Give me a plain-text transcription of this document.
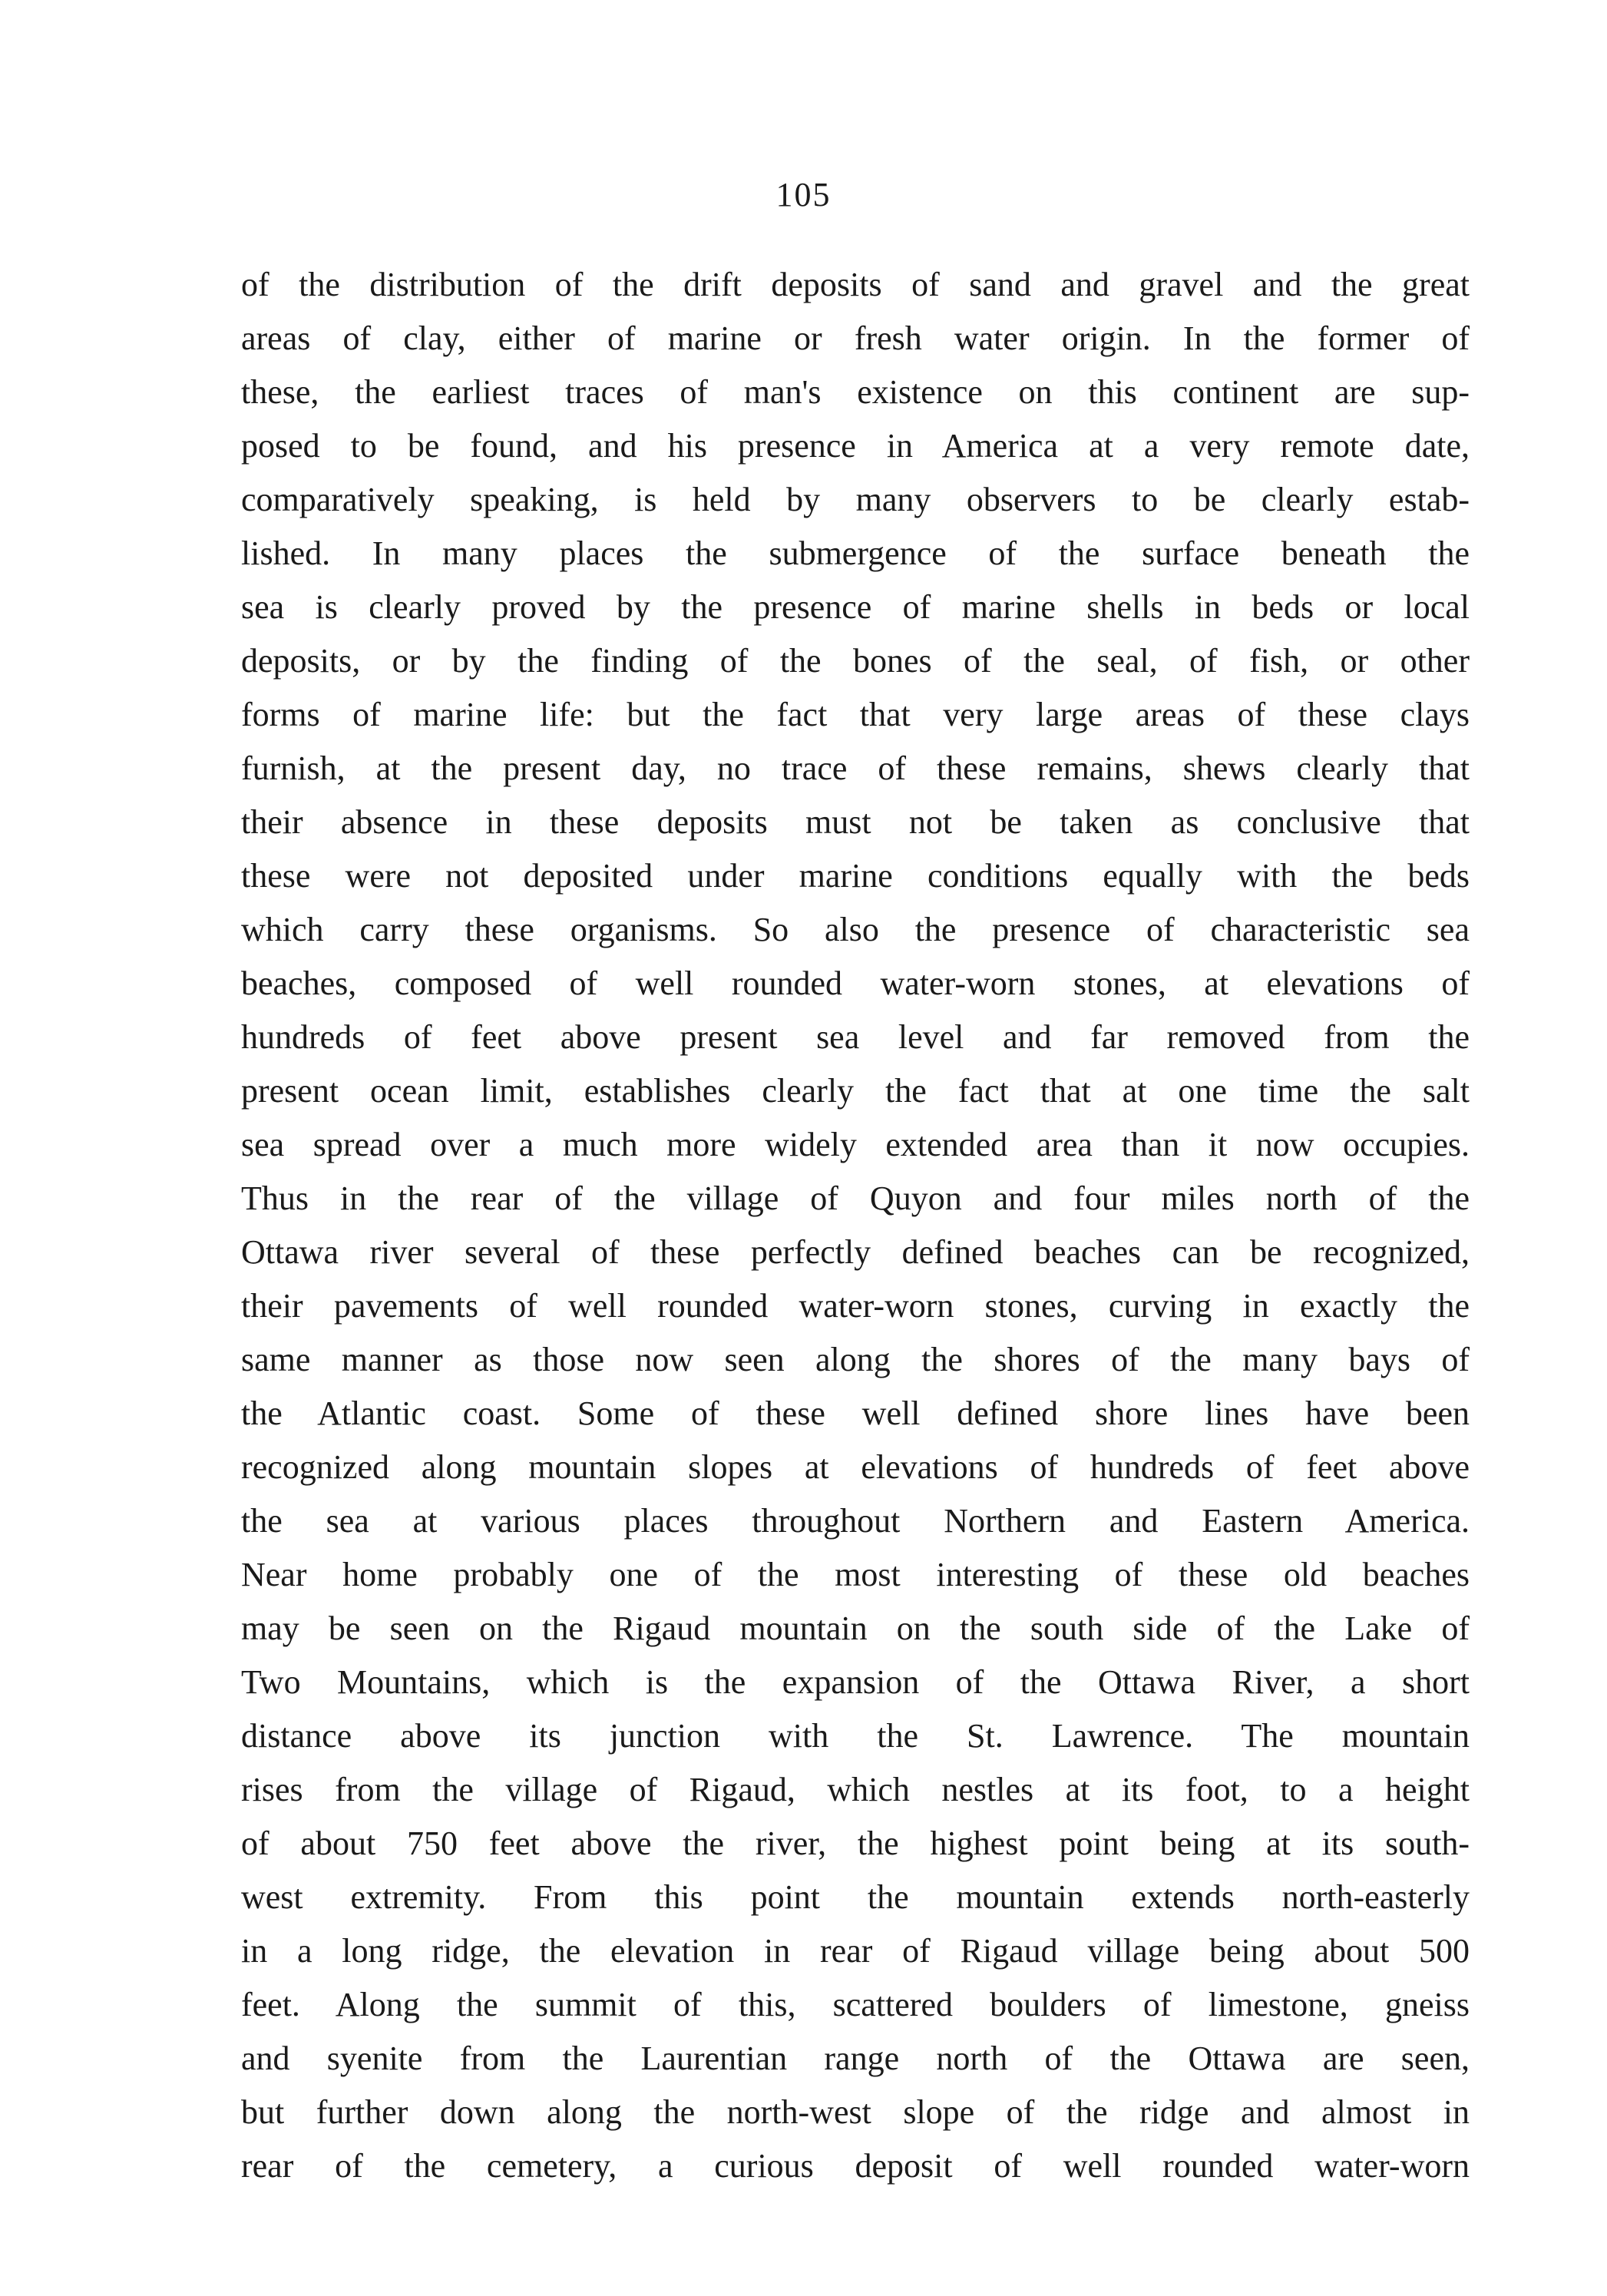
105
of the distribution of the drift deposits of sand and gravel and the great
areas of clay, either of marine or fresh water origin. In the former of
these, the earliest traces of man's existence on this continent are sup-
posed to be found, and his presence in America at a very remote date,
comparatively speaking, is held by many observers to be clearly estab-
lished. In many places the submergence of the surface beneath the
sea is clearly proved by the presence of marine shells in beds or local
deposits, or by the finding of the bones of the seal, of fish, or other
forms of marine life: but the fact that very large areas of these clays
furnish, at the present day, no trace of these remains, shews clearly that
their absence in these deposits must not be taken as conclusive that
these were not deposited under marine conditions equally with the beds
which carry these organisms. So also the presence of characteristic sea
beaches, composed of well rounded water-worn stones, at elevations of
hundreds of feet above present sea level and far removed from the
present ocean limit, establishes clearly the fact that at one time the salt
sea spread over a much more widely extended area than it now occupies.
Thus in the rear of the village of Quyon and four miles north of the
Ottawa river several of these perfectly defined beaches can be recognized,
their pavements of well rounded water-worn stones, curving in exactly the
same manner as those now seen along the shores of the many bays of
the Atlantic coast. Some of these well defined shore lines have been
recognized along mountain slopes at elevations of hundreds of feet above
the sea at various places throughout Northern and Eastern America.
Near home probably one of the most interesting of these old beaches
may be seen on the Rigaud mountain on the south side of the Lake of
Two Mountains, which is the expansion of the Ottawa River, a short
distance above its junction with the St. Lawrence. The mountain
rises from the village of Rigaud, which nestles at its foot, to a height
of about 750 feet above the river, the highest point being at its south-
west extremity. From this point the mountain extends north-easterly
in a long ridge, the elevation in rear of Rigaud village being about 500
feet. Along the summit of this, scattered boulders of limestone, gneiss
and syenite from the Laurentian range north of the Ottawa are seen,
but further down along the north-west slope of the ridge and almost in
rear of the cemetery, a curious deposit of well rounded water-worn
